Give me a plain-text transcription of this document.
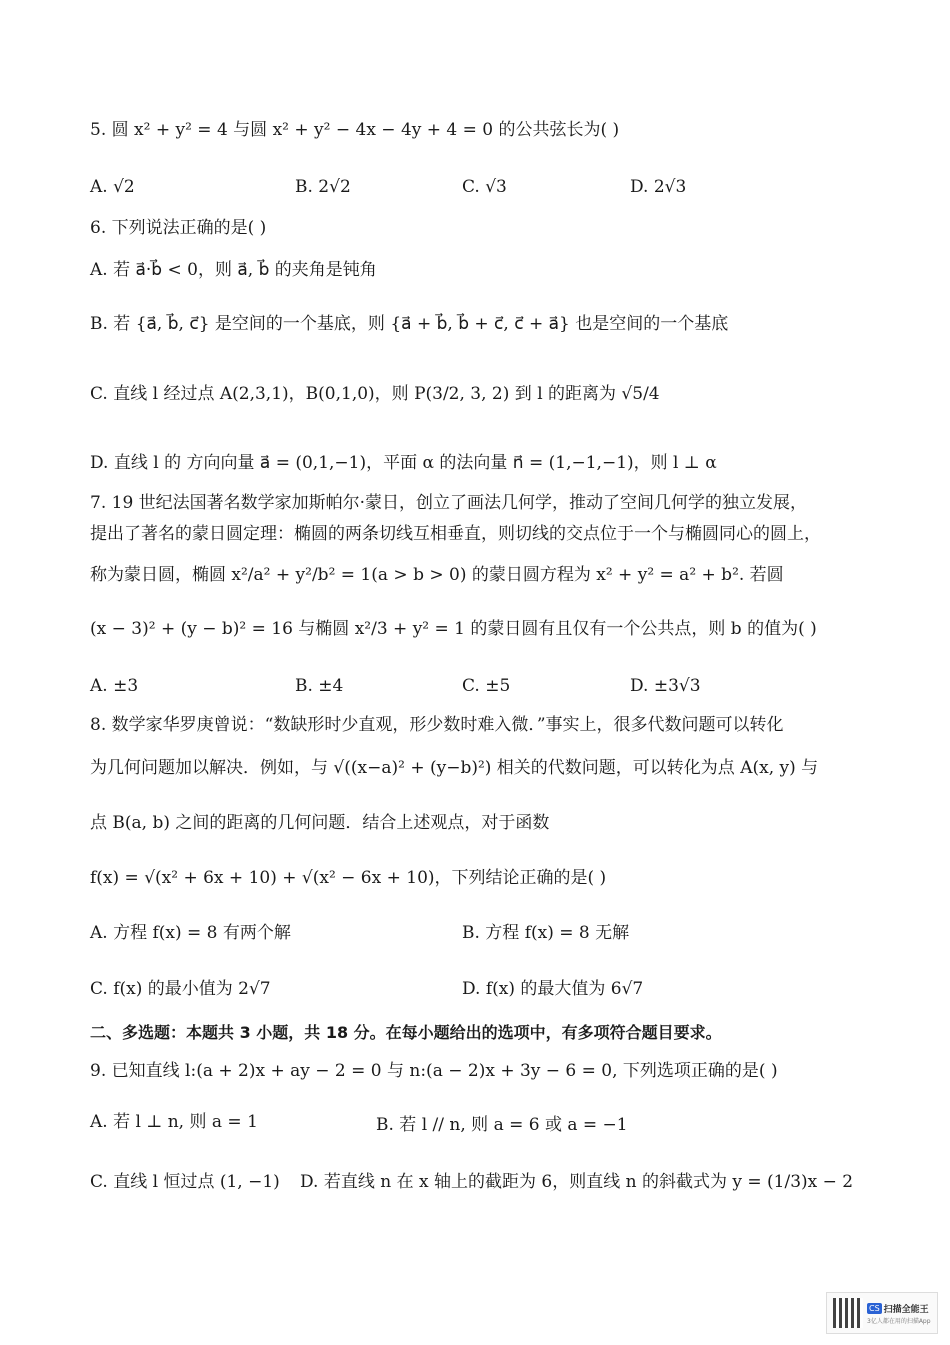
5. 圆 x² + y² = 4 与圆 x² + y² − 4x − 4y + 4 = 0 的公共弦长为( )
A. √2	B. 2√2	C. √3	D. 2√3
6. 下列说法正确的是( )
A. 若 a⃗·b⃗ < 0，则 a⃗, b⃗ 的夹角是钝角
B. 若 {a⃗, b⃗, c⃗} 是空间的一个基底，则 {a⃗ + b⃗, b⃗ + c⃗, c⃗ + a⃗} 也是空间的一个基底
C. 直线 l 经过点 A(2,3,1)，B(0,1,0)，则 P(3/2, 3, 2) 到 l 的距离为 √5/4
D. 直线 l 的 方向向量 a⃗ = (0,1,−1)，平面 α 的法向量 n⃗ = (1,−1,−1)，则 l ⊥ α
7. 19 世纪法国著名数学家加斯帕尔·蒙日，创立了画法几何学，推动了空间几何学的独立发展，
提出了著名的蒙日圆定理：椭圆的两条切线互相垂直，则切线的交点位于一个与椭圆同心的圆上，
称为蒙日圆，椭圆 x²/a² + y²/b² = 1(a > b > 0) 的蒙日圆方程为 x² + y² = a² + b². 若圆
(x − 3)² + (y − b)² = 16 与椭圆 x²/3 + y² = 1 的蒙日圆有且仅有一个公共点，则 b 的值为( )
A. ±3	B. ±4	C. ±5	D. ±3√3
8. 数学家华罗庚曾说：“数缺形时少直观，形少数时难入微．”事实上，很多代数问题可以转化
为几何问题加以解决．例如，与 √((x−a)² + (y−b)²) 相关的代数问题，可以转化为点 A(x, y) 与
点 B(a, b) 之间的距离的几何问题．结合上述观点，对于函数
f(x) = √(x² + 6x + 10) + √(x² − 6x + 10)，下列结论正确的是( )
A. 方程 f(x) = 8 有两个解	B. 方程 f(x) = 8 无解
C. f(x) 的最小值为 2√7	D. f(x) 的最大值为 6√7
二、多选题：本题共 3 小题，共 18 分。在每小题给出的选项中，有多项符合题目要求。
9. 已知直线 l:(a + 2)x + ay − 2 = 0 与 n:(a − 2)x + 3y − 6 = 0, 下列选项正确的是( )
A. 若 l ⊥ n, 则 a = 1	B. 若 l // n, 则 a = 6 或 a = −1
C. 直线 l 恒过点 (1, −1) D. 若直线 n 在 x 轴上的截距为 6，则直线 n 的斜截式为 y = (1/3)x − 2
CS 扫描全能王
3亿人都在用的扫描App
